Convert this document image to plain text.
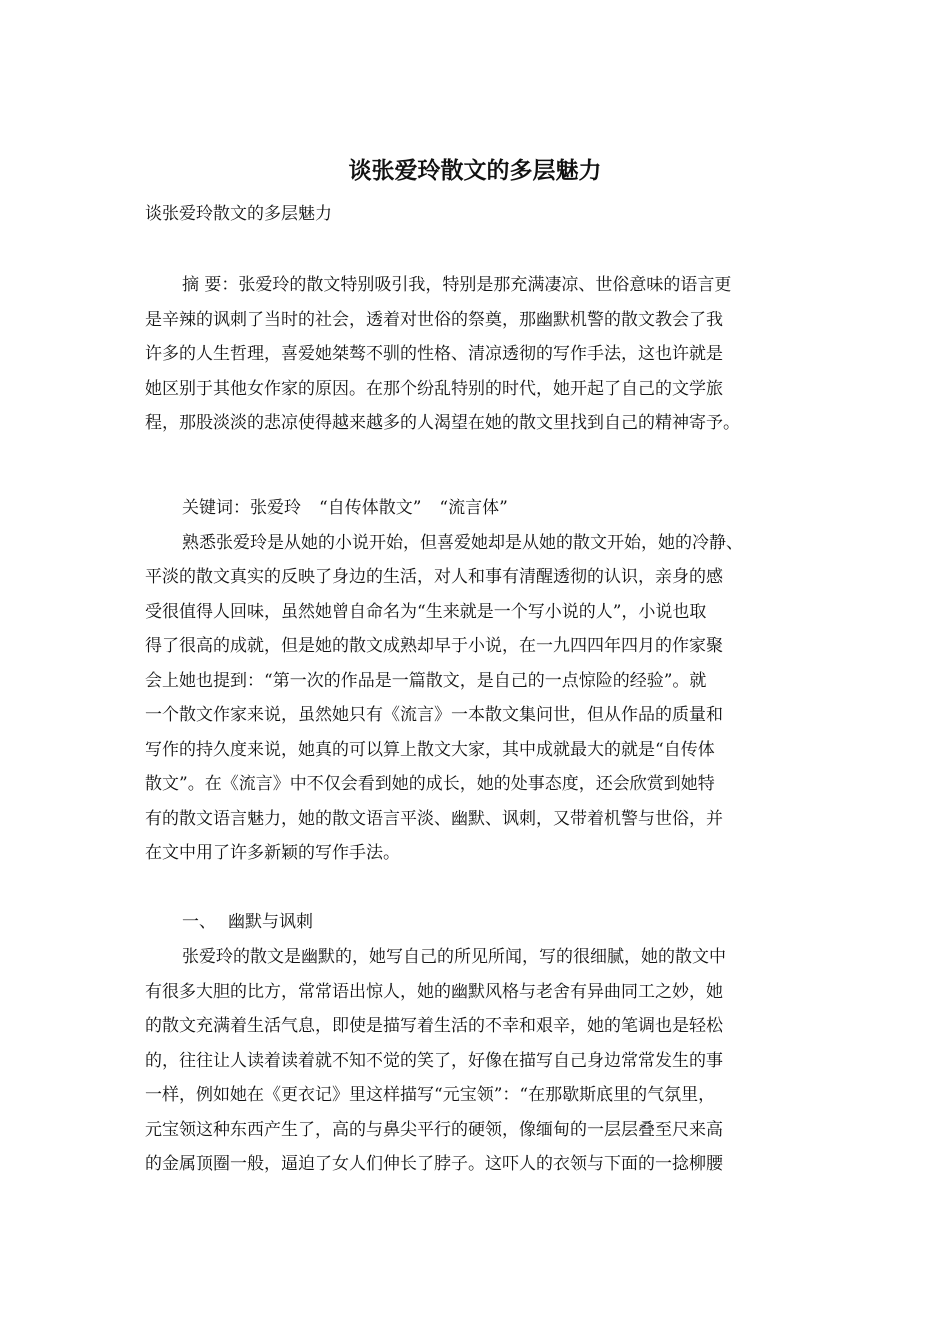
谈张爱玲散文的多层魅力
谈张爱玲散文的多层魅力
摘 要：张爱玲的散文特别吸引我，特别是那充满凄凉、世俗意味的语言更
是辛辣的讽刺了当时的社会，透着对世俗的祭奠，那幽默机警的散文教会了我
许多的人生哲理，喜爱她桀骜不驯的性格、清凉透彻的写作手法，这也许就是
她区别于其他女作家的原因。在那个纷乱特别的时代，她开起了自己的文学旅
程，那股淡淡的悲凉使得越来越多的人渴望在她的散文里找到自己的精神寄予。
关键词：张爱玲 “自传体散文” “流言体”
熟悉张爱玲是从她的小说开始，但喜爱她却是从她的散文开始，她的冷静、
平淡的散文真实的反映了身边的生活，对人和事有清醒透彻的认识，亲身的感
受很值得人回味，虽然她曾自命名为“生来就是一个写小说的人”，小说也取
得了很高的成就，但是她的散文成熟却早于小说，在一九四四年四月的作家聚
会上她也提到：“第一次的作品是一篇散文，是自己的一点惊险的经验”。就
一个散文作家来说，虽然她只有《流言》一本散文集问世，但从作品的质量和
写作的持久度来说，她真的可以算上散文大家，其中成就最大的就是“自传体
散文”。在《流言》中不仅会看到她的成长，她的处事态度，还会欣赏到她特
有的散文语言魅力，她的散文语言平淡、幽默、讽刺，又带着机警与世俗，并
在文中用了许多新颖的写作手法。
一、 幽默与讽刺
张爱玲的散文是幽默的，她写自己的所见所闻，写的很细腻，她的散文中
有很多大胆的比方，常常语出惊人，她的幽默风格与老舍有异曲同工之妙，她
的散文充满着生活气息，即使是描写着生活的不幸和艰辛，她的笔调也是轻松
的，往往让人读着读着就不知不觉的笑了，好像在描写自己身边常常发生的事
一样，例如她在《更衣记》里这样描写“元宝领”：“在那歇斯底里的气氛里，
元宝领这种东西产生了，高的与鼻尖平行的硬领，像缅甸的一层层叠至尺来高
的金属顶圈一般，逼迫了女人们伸长了脖子。这吓人的衣领与下面的一捻柳腰
